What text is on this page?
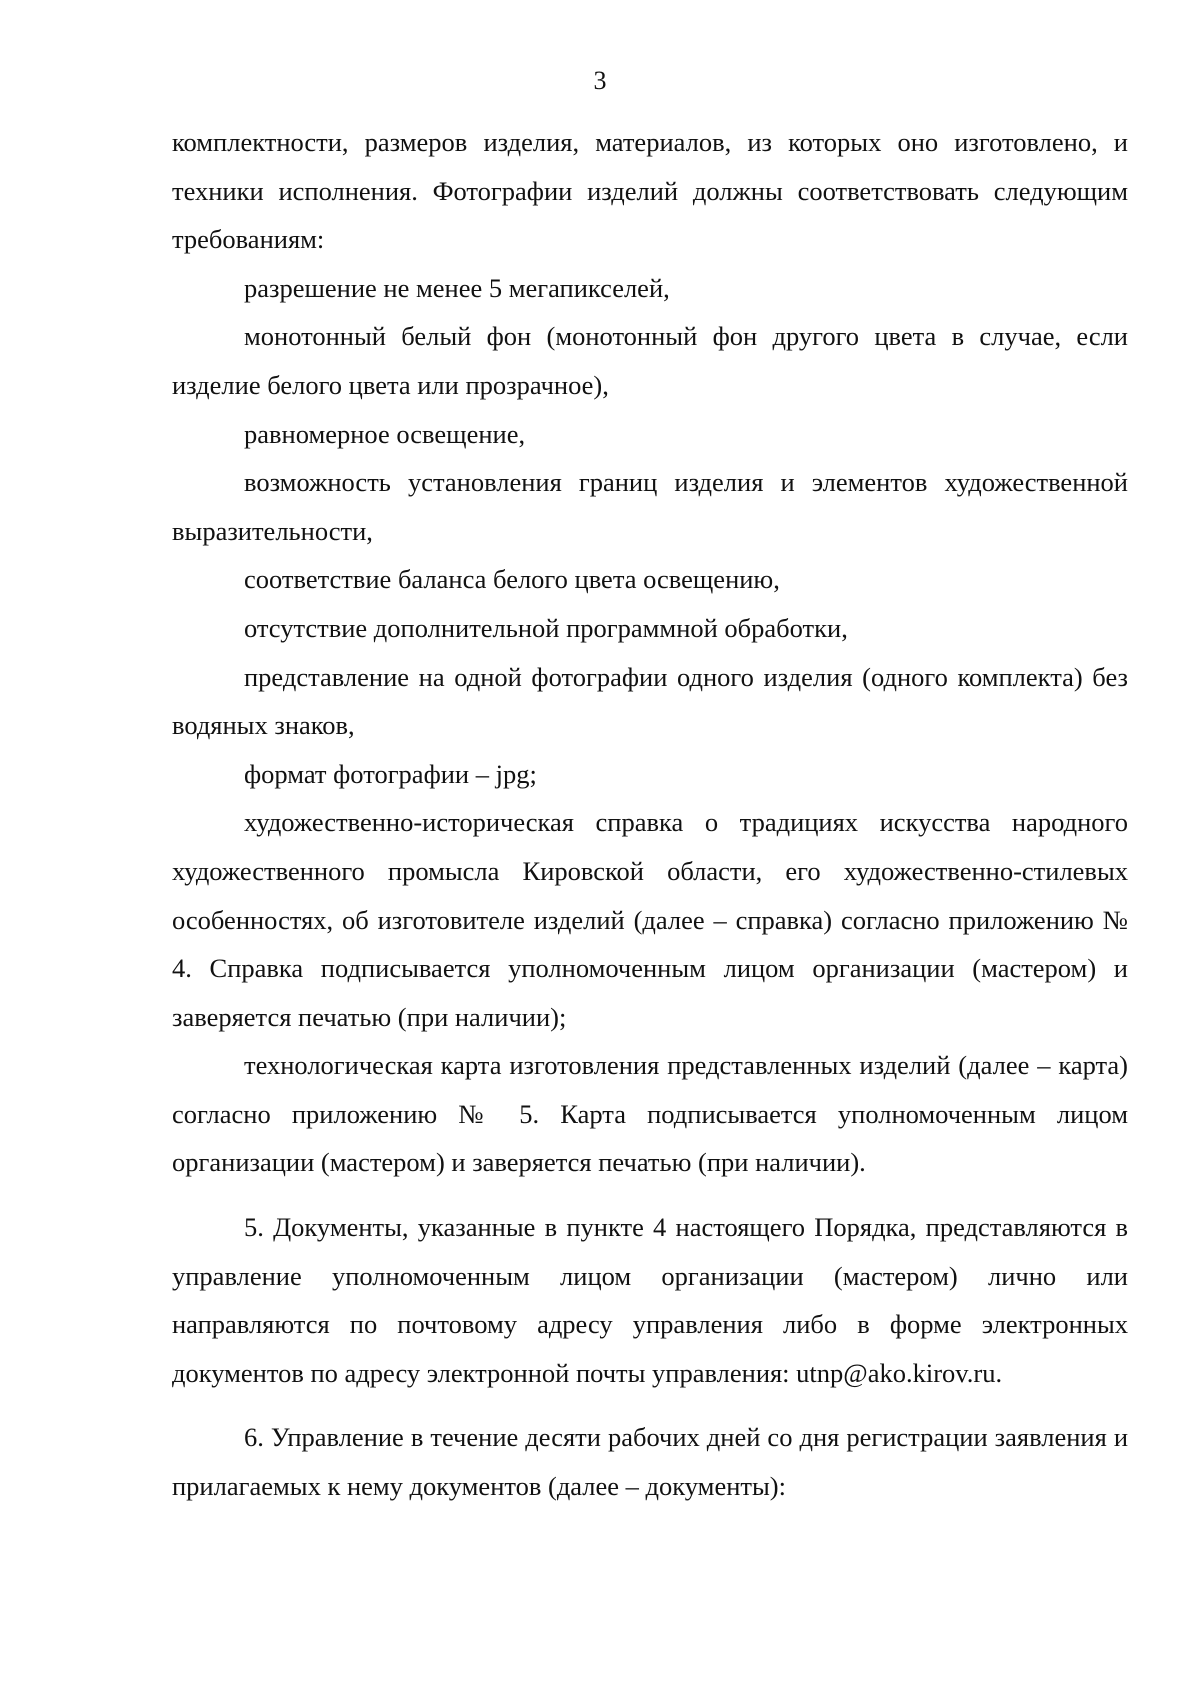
3

комплектности, размеров изделия, материалов, из которых оно изготовлено, и техники исполнения. Фотографии изделий должны соответствовать следующим требованиям:

разрешение не менее 5 мегапикселей,

монотонный белый фон (монотонный фон другого цвета в случае, если изделие белого цвета или прозрачное),

равномерное освещение,

возможность установления границ изделия и элементов художественной выразительности,

соответствие баланса белого цвета освещению,

отсутствие дополнительной программной обработки,

представление на одной фотографии одного изделия (одного комплекта) без водяных знаков,

формат фотографии – jpg;

художественно-историческая справка о традициях искусства народного художественного промысла Кировской области, его художественно-стилевых особенностях, об изготовителе изделий (далее – справка) согласно приложению № 4. Справка подписывается уполномоченным лицом организации (мастером) и заверяется печатью (при наличии);

технологическая карта изготовления представленных изделий (далее – карта) согласно приложению № 5. Карта подписывается уполномоченным лицом организации (мастером) и заверяется печатью (при наличии).

5. Документы, указанные в пункте 4 настоящего Порядка, представляются в управление уполномоченным лицом организации (мастером) лично или направляются по почтовому адресу управления либо в форме электронных документов по адресу электронной почты управления: utnp@ako.kirov.ru.

6. Управление в течение десяти рабочих дней со дня регистрации заявления и прилагаемых к нему документов (далее – документы):
